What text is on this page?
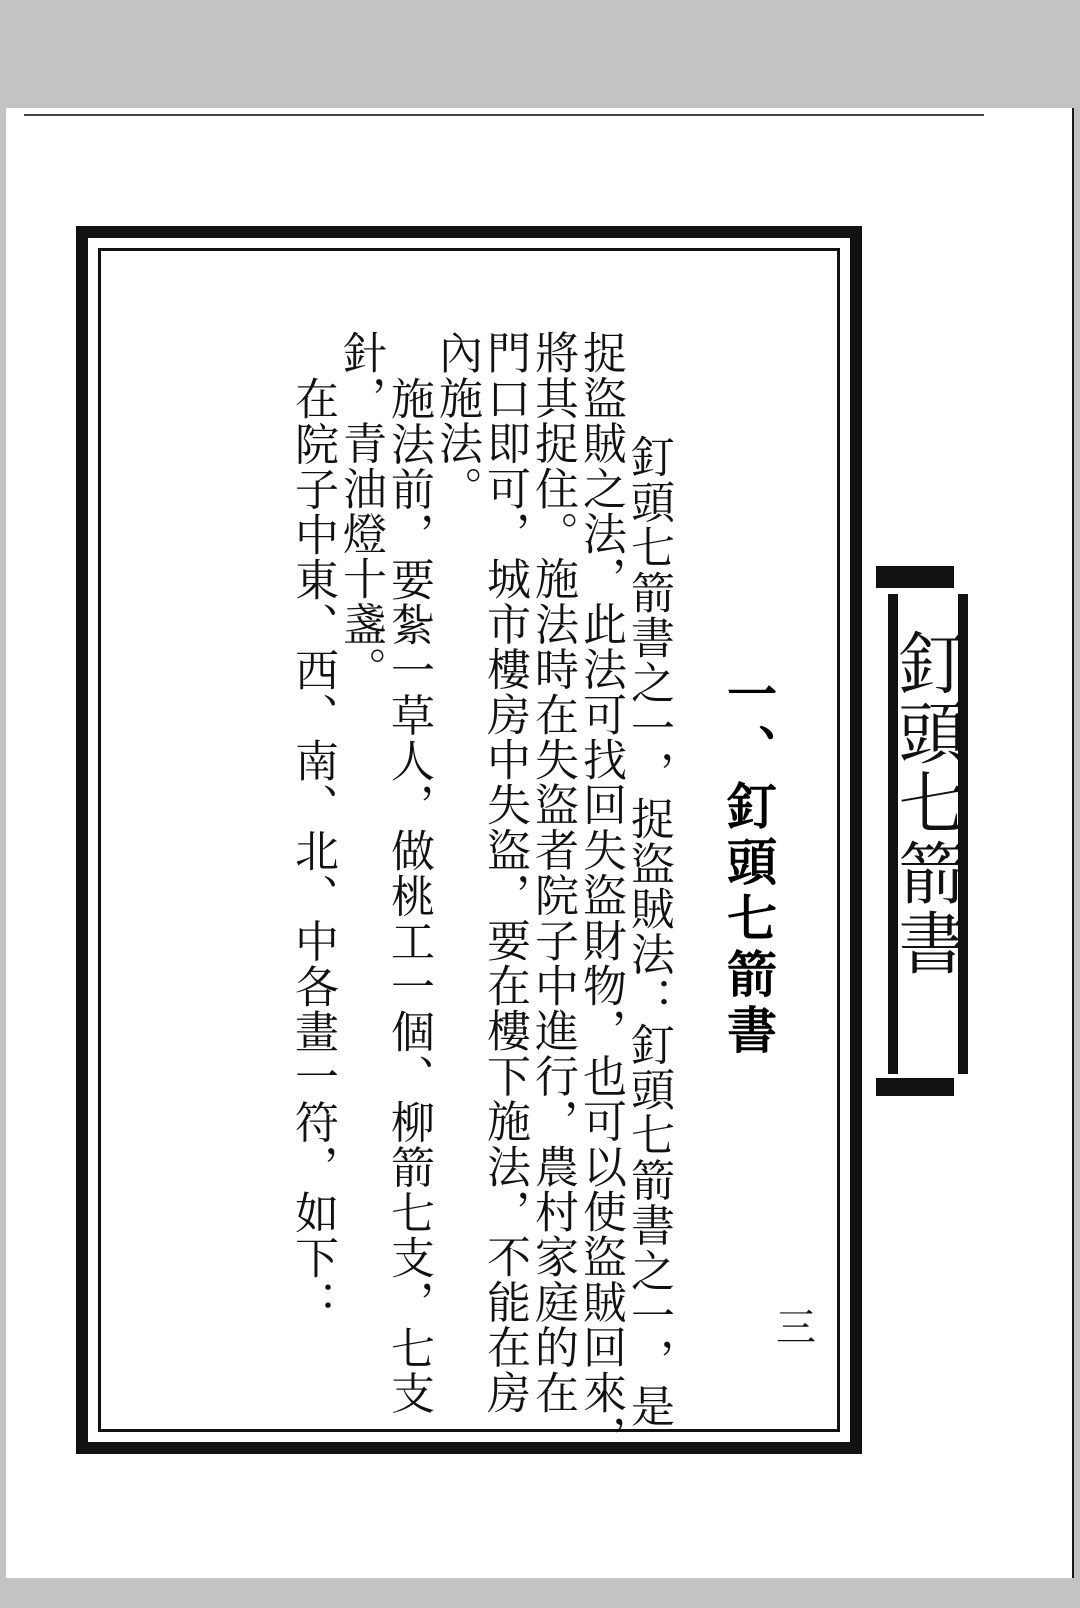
釘頭七箭書
一、釘頭七箭書
三
釘頭七箭書之一，捉盜賊法：釘頭七箭書之一，是
捉盜賊之法，此法可找回失盜財物，也可以使盜賊回來，
將其捉住。施法時在失盜者院子中進行，農村家庭的在
門口即可，城市樓房中失盜，要在樓下施法，不能在房
內施法。
施法前，要紮一草人，做桃工一個、柳箭七支，七支
針，青油燈十盞。
在院子中東、西、南、北、中各畫一符，如下：
